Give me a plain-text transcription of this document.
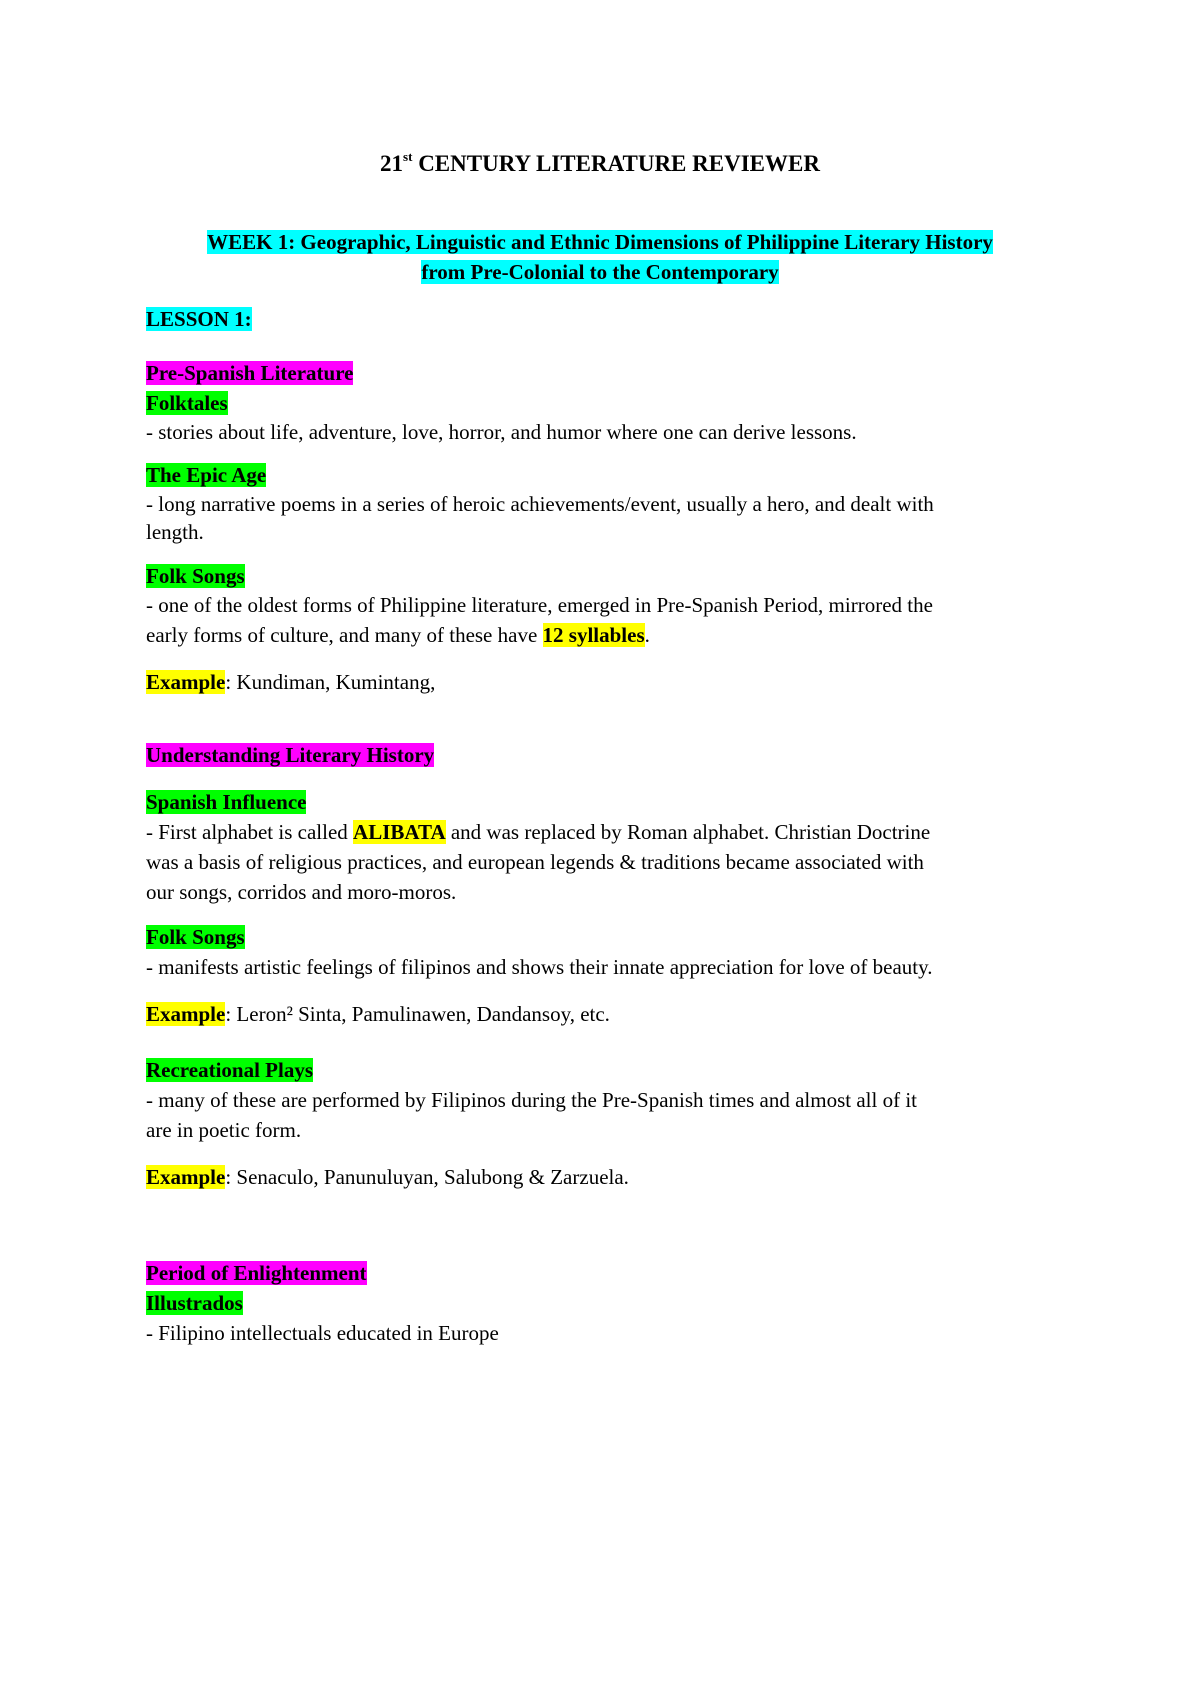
21st CENTURY LITERATURE REVIEWER
WEEK 1: Geographic, Linguistic and Ethnic Dimensions of Philippine Literary History
from Pre-Colonial to the Contemporary
LESSON 1:
Pre-Spanish Literature
Folktales
- stories about life, adventure, love, horror, and humor where one can derive lessons.
The Epic Age
- long narrative poems in a series of heroic achievements/event, usually a hero, and dealt with
length.
Folk Songs
- one of the oldest forms of Philippine literature, emerged in Pre-Spanish Period, mirrored the
early forms of culture, and many of these have 12 syllables.
Example: Kundiman, Kumintang,
Understanding Literary History
Spanish Influence
- First alphabet is called ALIBATA and was replaced by Roman alphabet. Christian Doctrine
was a basis of religious practices, and european legends & traditions became associated with
our songs, corridos and moro-moros.
Folk Songs
- manifests artistic feelings of filipinos and shows their innate appreciation for love of beauty.
Example: Leron² Sinta, Pamulinawen, Dandansoy, etc.
Recreational Plays
- many of these are performed by Filipinos during the Pre-Spanish times and almost all of it
are in poetic form.
Example: Senaculo, Panunuluyan, Salubong & Zarzuela.
Period of Enlightenment
Illustrados
- Filipino intellectuals educated in Europe
